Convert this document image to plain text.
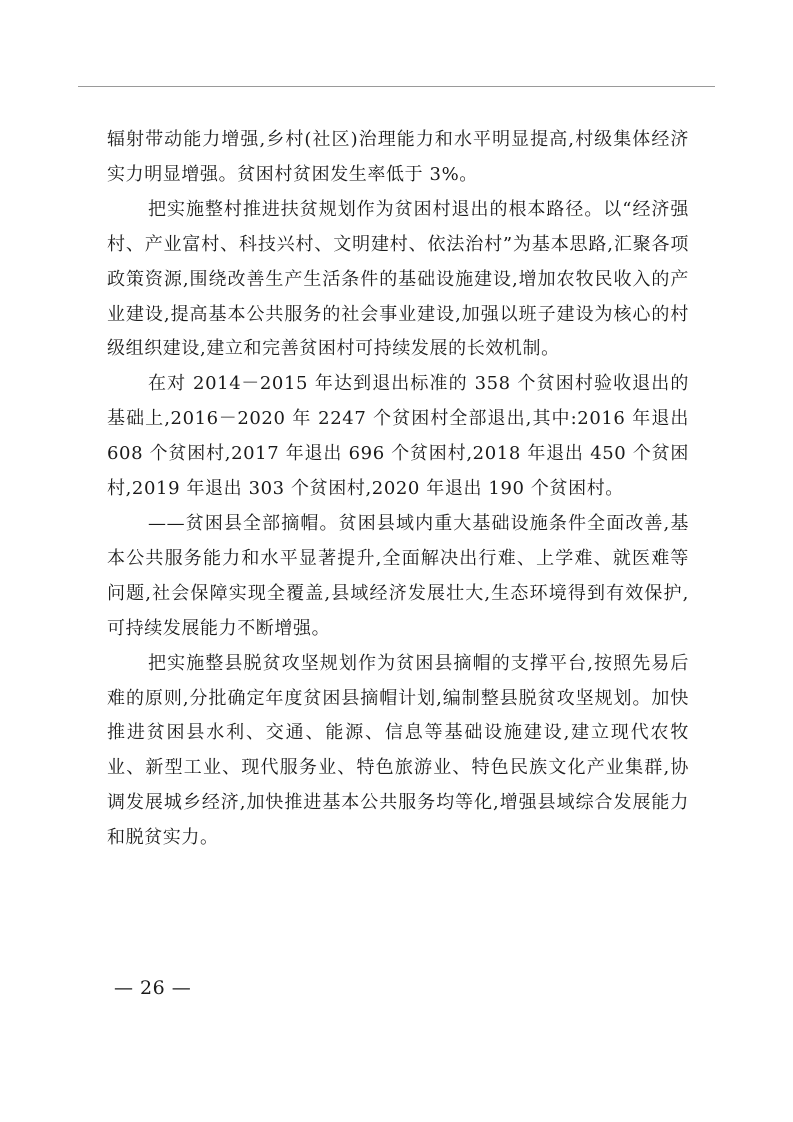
辐射带动能力增强,乡村(社区)治理能力和水平明显提高,村级集体经济实力明显增强。贫困村贫困发生率低于 3%。

把实施整村推进扶贫规划作为贫困村退出的根本路径。以“经济强村、产业富村、科技兴村、文明建村、依法治村”为基本思路,汇聚各项政策资源,围绕改善生产生活条件的基础设施建设,增加农牧民收入的产业建设,提高基本公共服务的社会事业建设,加强以班子建设为核心的村级组织建设,建立和完善贫困村可持续发展的长效机制。

在对 2014－2015 年达到退出标准的 358 个贫困村验收退出的基础上,2016－2020 年 2247 个贫困村全部退出,其中:2016 年退出 608 个贫困村,2017 年退出 696 个贫困村,2018 年退出 450 个贫困村,2019 年退出 303 个贫困村,2020 年退出 190 个贫困村。

——贫困县全部摘帽。贫困县域内重大基础设施条件全面改善,基本公共服务能力和水平显著提升,全面解决出行难、上学难、就医难等问题,社会保障实现全覆盖,县域经济发展壮大,生态环境得到有效保护,可持续发展能力不断增强。

把实施整县脱贫攻坚规划作为贫困县摘帽的支撑平台,按照先易后难的原则,分批确定年度贫困县摘帽计划,编制整县脱贫攻坚规划。加快推进贫困县水利、交通、能源、信息等基础设施建设,建立现代农牧业、新型工业、现代服务业、特色旅游业、特色民族文化产业集群,协调发展城乡经济,加快推进基本公共服务均等化,增强县域综合发展能力和脱贫实力。

— 26 —
